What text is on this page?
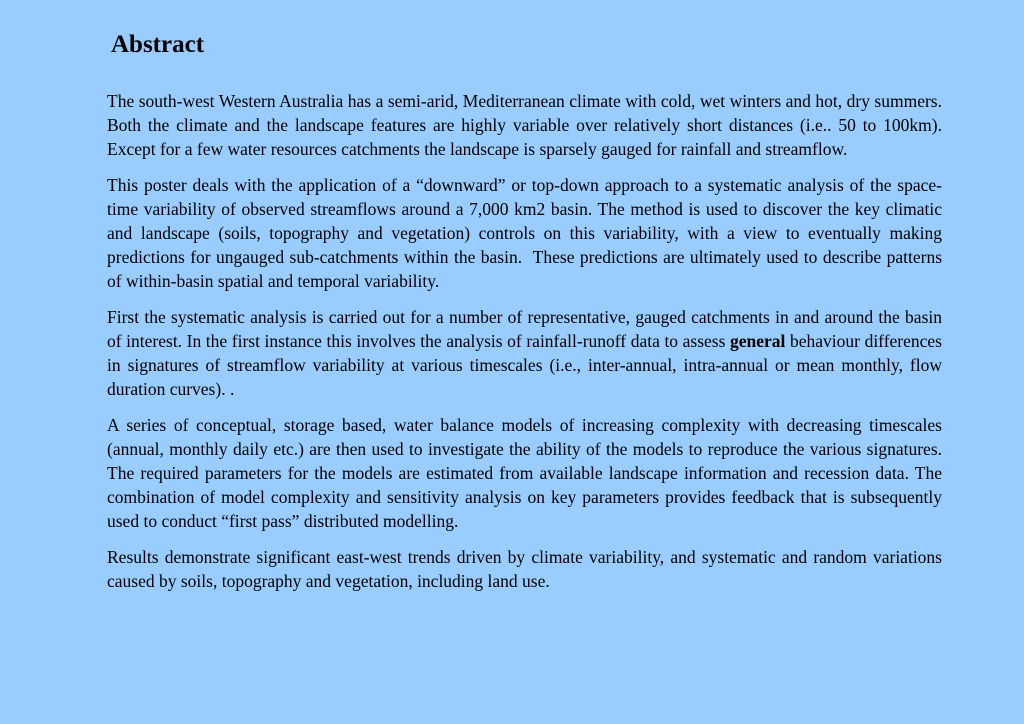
Abstract

The south-west Western Australia has a semi-arid, Mediterranean climate with cold, wet winters and hot, dry summers. Both the climate and the landscape features are highly variable over relatively short distances (i.e.. 50 to 100km).  Except for a few water resources catchments the landscape is sparsely gauged for rainfall and streamflow.

This poster deals with the application of a “downward” or top-down approach to a systematic analysis of the space-time variability of observed streamflows around a 7,000 km2 basin. The method is used to discover the key climatic and landscape (soils, topography and vegetation) controls on this variability, with a view to eventually making predictions for ungauged sub-catchments within the basin.  These predictions are ultimately used to describe patterns of within-basin spatial and temporal variability.

First the systematic analysis is carried out for a number of representative, gauged catchments in and around the basin of interest. In the first instance this involves the analysis of rainfall-runoff data to assess general behaviour differences in signatures of streamflow variability at various timescales (i.e., inter-annual, intra-annual or mean monthly, flow duration curves). .

A series of conceptual, storage based, water balance models of increasing complexity with decreasing timescales (annual, monthly daily etc.) are then used to investigate the ability of the models to reproduce the various signatures. The required parameters for the models are estimated from available landscape information and recession data. The combination of model complexity and sensitivity analysis on key parameters provides feedback that is subsequently used to conduct “first pass” distributed modelling.

Results demonstrate significant east-west trends driven by climate variability, and systematic and random variations caused by soils, topography and vegetation, including land use.
